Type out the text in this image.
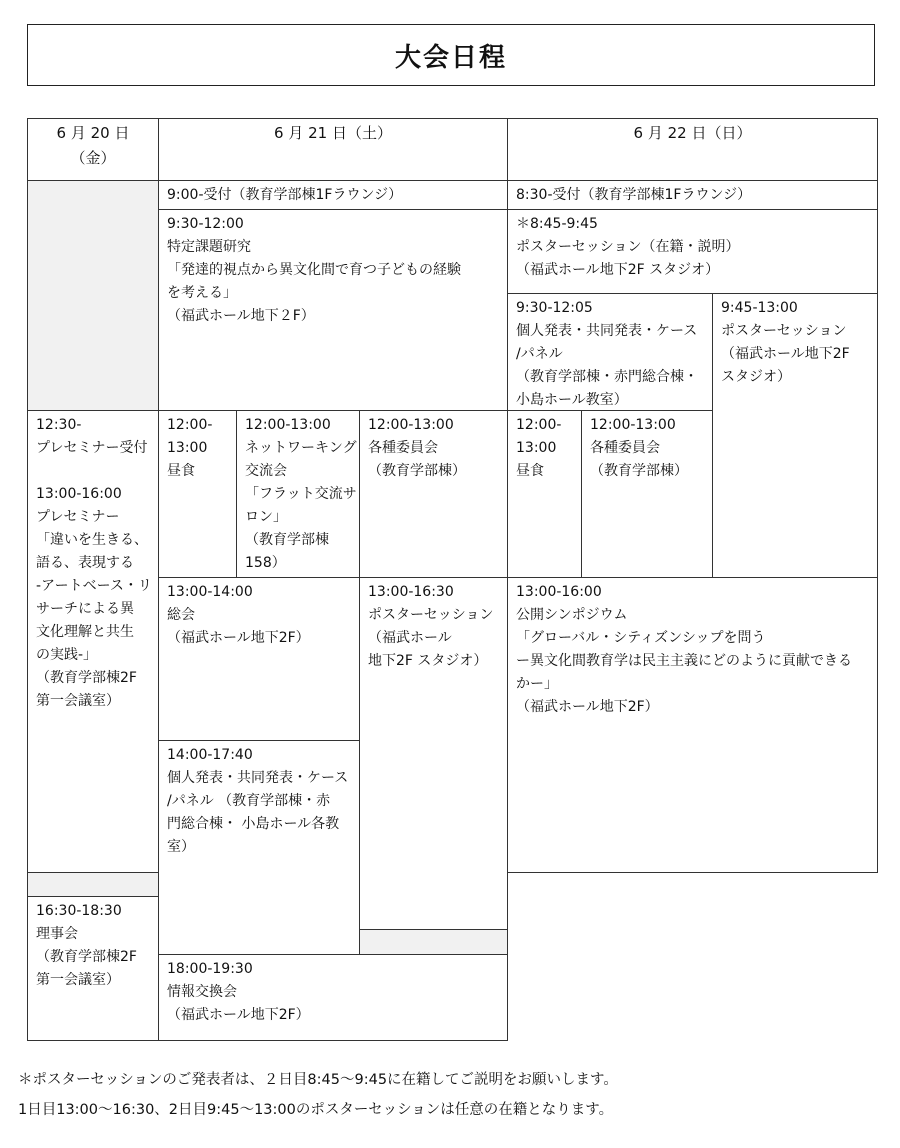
大会日程
6 月 20 日
（金）
6 月 21 日（土）	6 月 22 日（日）
12:30-
プレセミナー受付

13:00-16:00
プレセミナー
「違いを生きる、
語る、表現する
-アートベース・リ
サーチによる異
文化理解と共生
の実践-」
（教育学部棟2F
第一会議室）
16:30-18:30
理事会
（教育学部棟2F
第一会議室）
9:00-受付（教育学部棟1Fラウンジ）
9:30-12:00
特定課題研究
「発達的視点から異文化間で育つ子どもの経験
を考える」
（福武ホール地下２F）
12:00-
13:00
昼食
12:00-13:00
ネットワーキング
交流会
「フラット交流サ
ロン」
（教育学部棟
158）
12:00-13:00
各種委員会
（教育学部棟）
13:00-14:00
総会
（福武ホール地下2F）
13:00-16:30
ポスターセッション
（福武ホール
地下2F スタジオ）
14:00-17:40
個人発表・共同発表・ケース
/パネル （教育学部棟・赤
門総合棟・ 小島ホール各教
室）
18:00-19:30
情報交換会
（福武ホール地下2F）
8:30-受付（教育学部棟1Fラウンジ）
＊8:45-9:45
ポスターセッション（在籍・説明）
（福武ホール地下2F スタジオ）
9:30-12:05
個人発表・共同発表・ケース
/パネル
（教育学部棟・赤門総合棟・
小島ホール教室）
9:45-13:00
ポスターセッション
（福武ホール地下2F
スタジオ）
12:00-
13:00
昼食
12:00-13:00
各種委員会
（教育学部棟）
13:00-16:00
公開シンポジウム
「グローバル・シティズンシップを問う
ー異文化間教育学は民主主義にどのように貢献できる
かー」
（福武ホール地下2F）
＊ポスターセッションのご発表者は、２日目8:45～9:45に在籍してご説明をお願いします。
1日目13:00～16:30、2日目9:45～13:00のポスターセッションは任意の在籍となります。
